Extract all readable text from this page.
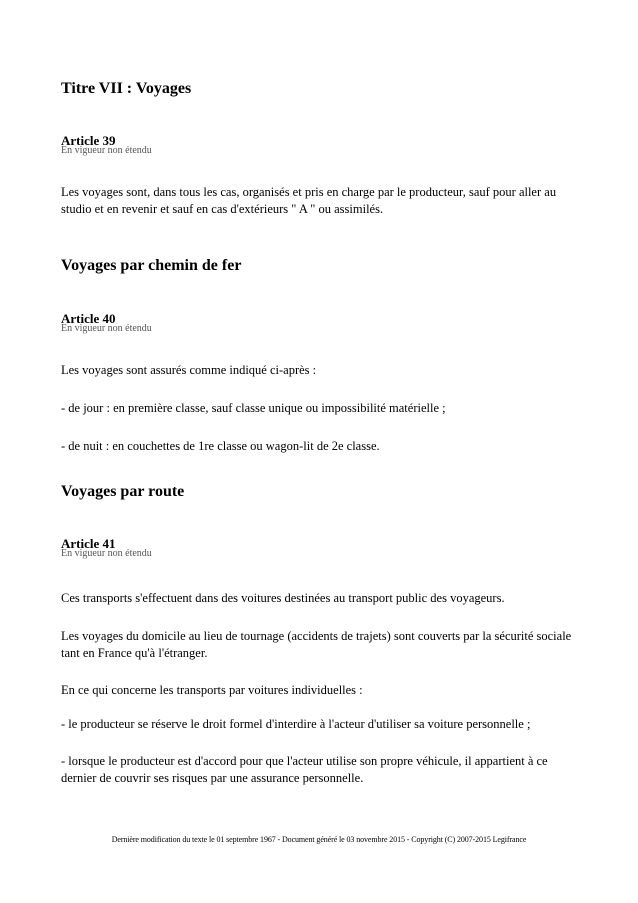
Titre VII : Voyages
Article 39
En vigueur non étendu
Les voyages sont, dans tous les cas, organisés et pris en charge par le producteur, sauf pour aller au studio et en revenir et sauf en cas d'extérieurs " A " ou assimilés.
Voyages par chemin de fer
Article 40
En vigueur non étendu
Les voyages sont assurés comme indiqué ci-après :
- de jour : en première classe, sauf classe unique ou impossibilité matérielle ;
- de nuit : en couchettes de 1re classe ou wagon-lit de 2e classe.
Voyages par route
Article 41
En vigueur non étendu
Ces transports s'effectuent dans des voitures destinées au transport public des voyageurs.
Les voyages du domicile au lieu de tournage (accidents de trajets) sont couverts par la sécurité sociale tant en France qu'à l'étranger.
En ce qui concerne les transports par voitures individuelles :
- le producteur se réserve le droit formel d'interdire à l'acteur d'utiliser sa voiture personnelle ;
- lorsque le producteur est d'accord pour que l'acteur utilise son propre véhicule, il appartient à ce dernier de couvrir ses risques par une assurance personnelle.
Dernière modification du texte le 01 septembre 1967 - Document généré le 03 novembre 2015 - Copyright (C) 2007-2015 Legifrance
